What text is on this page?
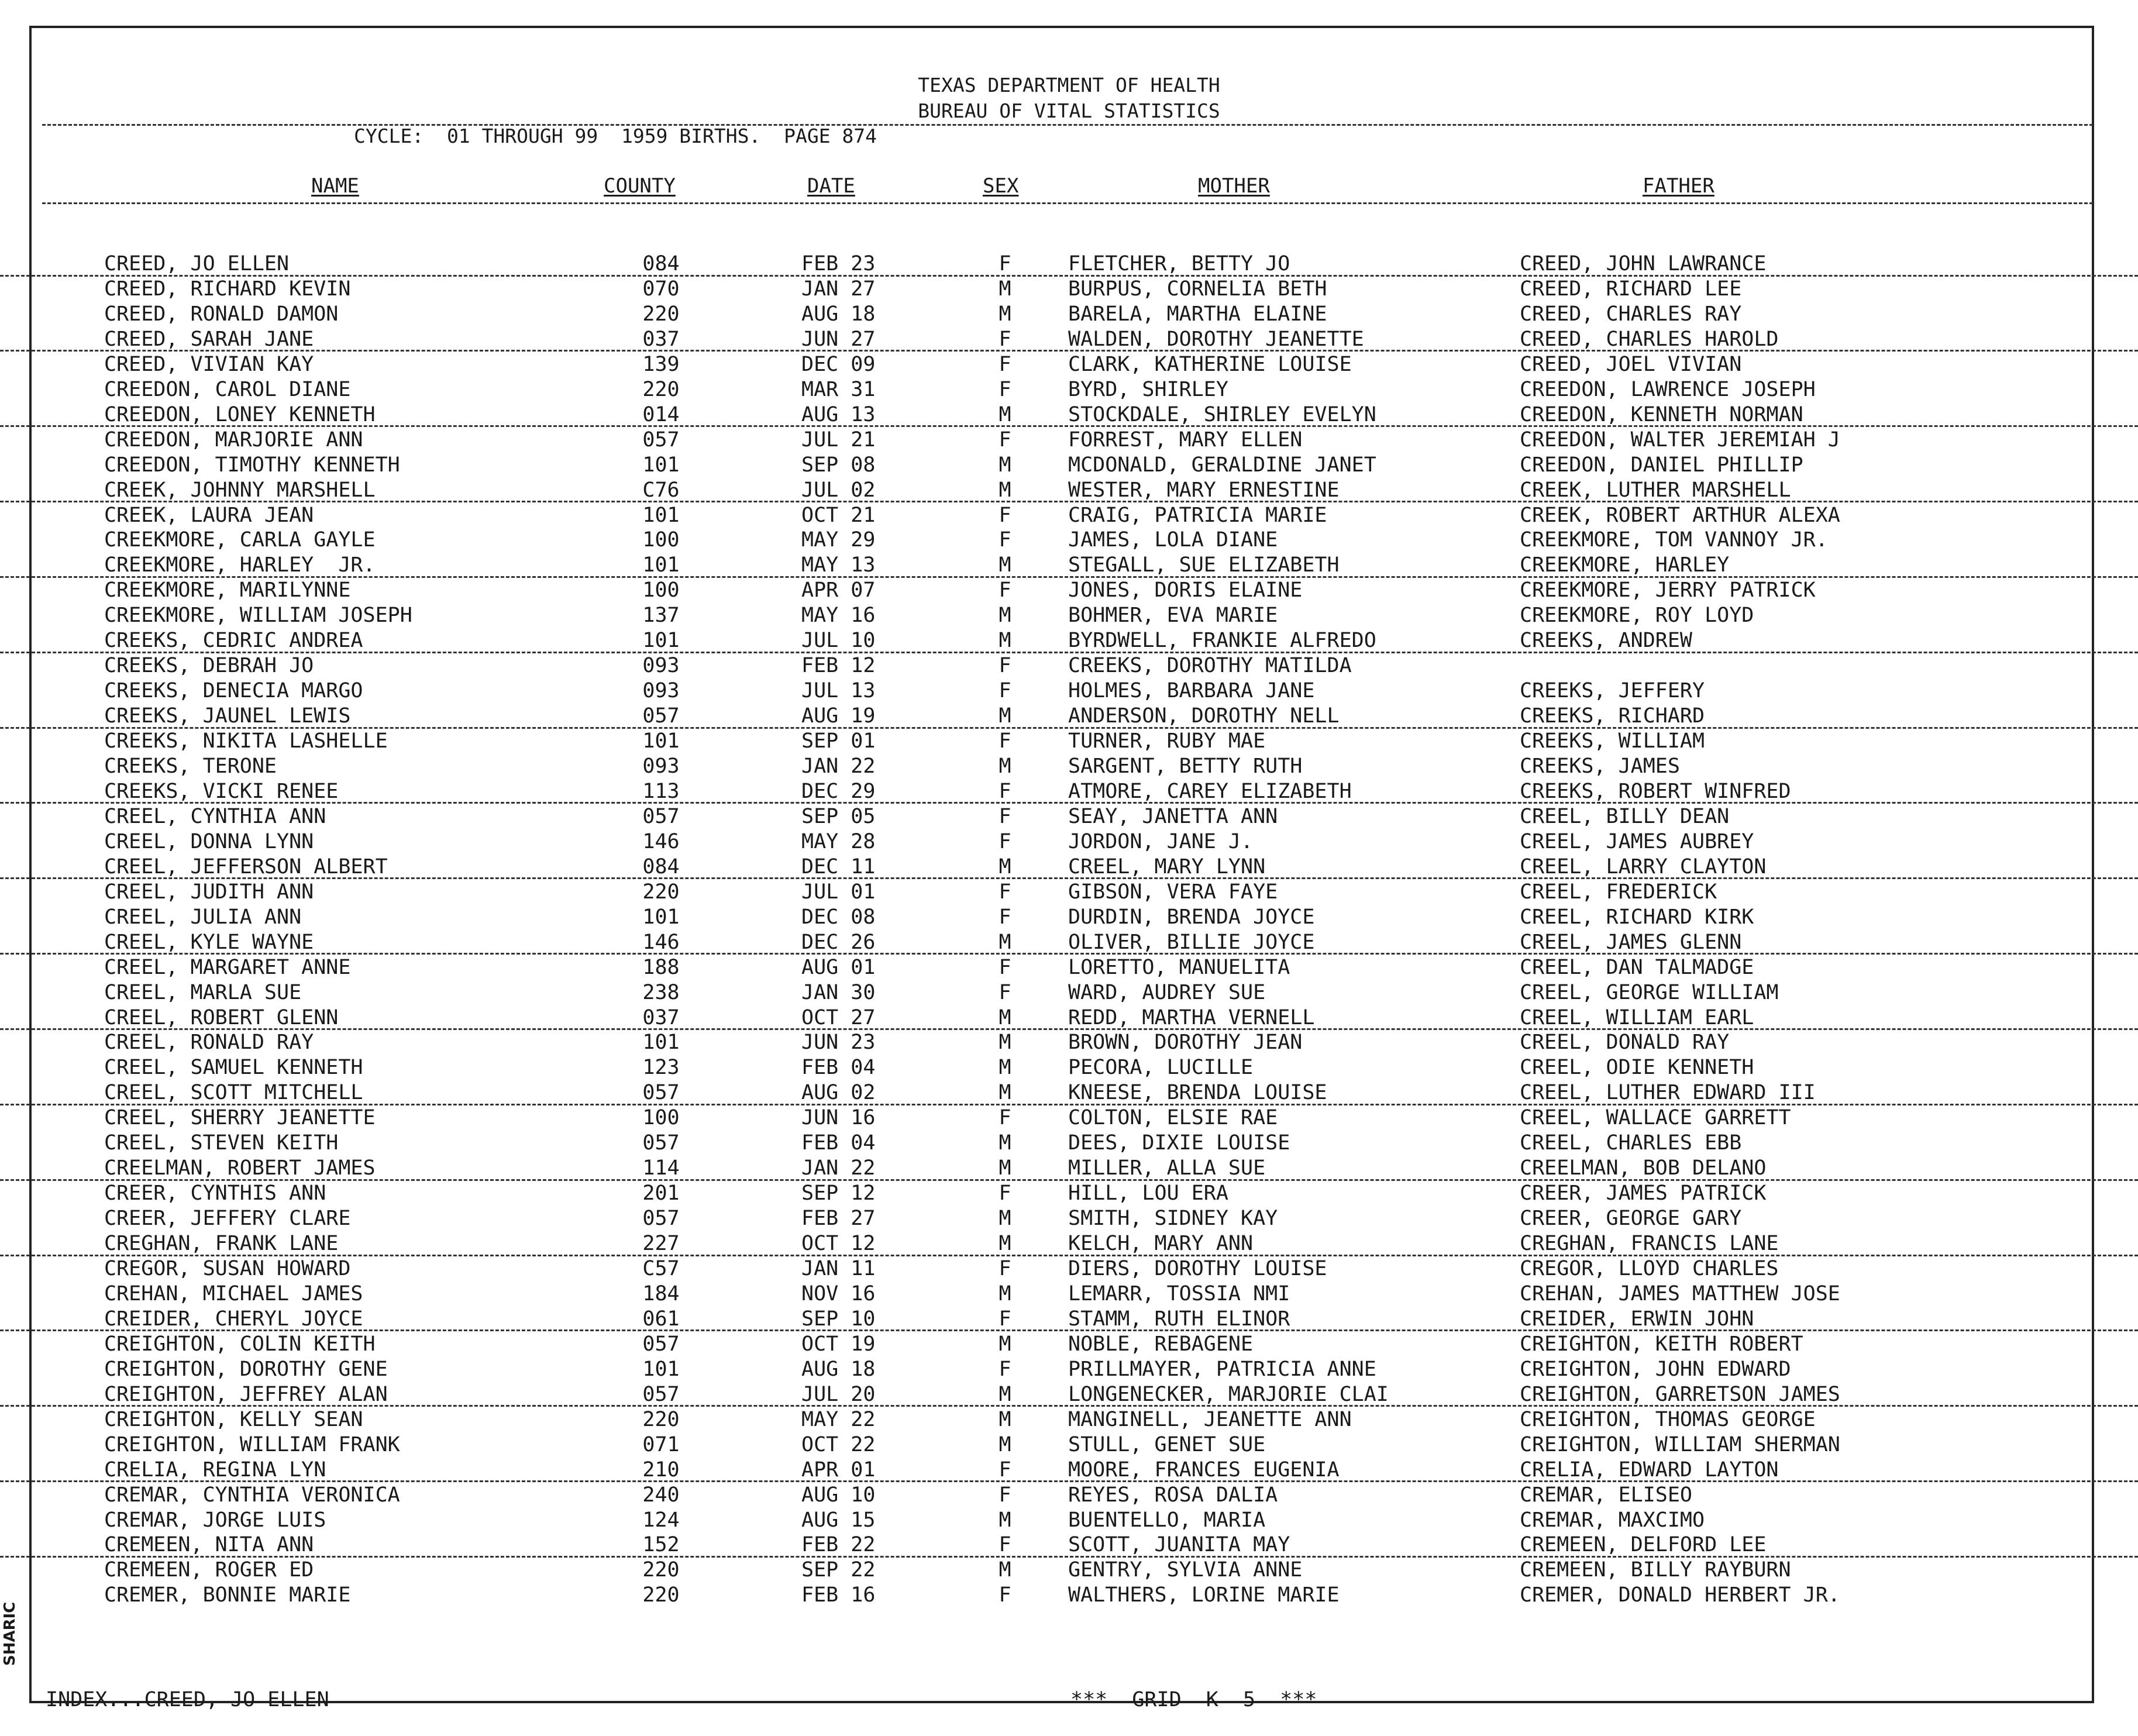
TEXAS DEPARTMENT OF HEALTH
BUREAU OF VITAL STATISTICS
CYCLE:  01 THROUGH 99  1959 BIRTHS.  PAGE 874
NAME	COUNTY	DATE	SEX	MOTHER	FATHER
CREED, JO ELLEN	084	FEB 23	F	FLETCHER, BETTY JO	CREED, JOHN LAWRANCE
CREED, RICHARD KEVIN	070	JAN 27	M	BURPUS, CORNELIA BETH	CREED, RICHARD LEE
CREED, RONALD DAMON	220	AUG 18	M	BARELA, MARTHA ELAINE	CREED, CHARLES RAY
CREED, SARAH JANE	037	JUN 27	F	WALDEN, DOROTHY JEANETTE	CREED, CHARLES HAROLD
CREED, VIVIAN KAY	139	DEC 09	F	CLARK, KATHERINE LOUISE	CREED, JOEL VIVIAN
CREEDON, CAROL DIANE	220	MAR 31	F	BYRD, SHIRLEY	CREEDON, LAWRENCE JOSEPH
CREEDON, LONEY KENNETH	014	AUG 13	M	STOCKDALE, SHIRLEY EVELYN	CREEDON, KENNETH NORMAN
CREEDON, MARJORIE ANN	057	JUL 21	F	FORREST, MARY ELLEN	CREEDON, WALTER JEREMIAH J
CREEDON, TIMOTHY KENNETH	101	SEP 08	M	MCDONALD, GERALDINE JANET	CREEDON, DANIEL PHILLIP
CREEK, JOHNNY MARSHELL	C76	JUL 02	M	WESTER, MARY ERNESTINE	CREEK, LUTHER MARSHELL
CREEK, LAURA JEAN	101	OCT 21	F	CRAIG, PATRICIA MARIE	CREEK, ROBERT ARTHUR ALEXA
CREEKMORE, CARLA GAYLE	100	MAY 29	F	JAMES, LOLA DIANE	CREEKMORE, TOM VANNOY JR.
CREEKMORE, HARLEY  JR.	101	MAY 13	M	STEGALL, SUE ELIZABETH	CREEKMORE, HARLEY
CREEKMORE, MARILYNNE	100	APR 07	F	JONES, DORIS ELAINE	CREEKMORE, JERRY PATRICK
CREEKMORE, WILLIAM JOSEPH	137	MAY 16	M	BOHMER, EVA MARIE	CREEKMORE, ROY LOYD
CREEKS, CEDRIC ANDREA	101	JUL 10	M	BYRDWELL, FRANKIE ALFREDO	CREEKS, ANDREW
CREEKS, DEBRAH JO	093	FEB 12	F	CREEKS, DOROTHY MATILDA
CREEKS, DENECIA MARGO	093	JUL 13	F	HOLMES, BARBARA JANE	CREEKS, JEFFERY
CREEKS, JAUNEL LEWIS	057	AUG 19	M	ANDERSON, DOROTHY NELL	CREEKS, RICHARD
CREEKS, NIKITA LASHELLE	101	SEP 01	F	TURNER, RUBY MAE	CREEKS, WILLIAM
CREEKS, TERONE	093	JAN 22	M	SARGENT, BETTY RUTH	CREEKS, JAMES
CREEKS, VICKI RENEE	113	DEC 29	F	ATMORE, CAREY ELIZABETH	CREEKS, ROBERT WINFRED
CREEL, CYNTHIA ANN	057	SEP 05	F	SEAY, JANETTA ANN	CREEL, BILLY DEAN
CREEL, DONNA LYNN	146	MAY 28	F	JORDON, JANE J.	CREEL, JAMES AUBREY
CREEL, JEFFERSON ALBERT	084	DEC 11	M	CREEL, MARY LYNN	CREEL, LARRY CLAYTON
CREEL, JUDITH ANN	220	JUL 01	F	GIBSON, VERA FAYE	CREEL, FREDERICK
CREEL, JULIA ANN	101	DEC 08	F	DURDIN, BRENDA JOYCE	CREEL, RICHARD KIRK
CREEL, KYLE WAYNE	146	DEC 26	M	OLIVER, BILLIE JOYCE	CREEL, JAMES GLENN
CREEL, MARGARET ANNE	188	AUG 01	F	LORETTO, MANUELITA	CREEL, DAN TALMADGE
CREEL, MARLA SUE	238	JAN 30	F	WARD, AUDREY SUE	CREEL, GEORGE WILLIAM
CREEL, ROBERT GLENN	037	OCT 27	M	REDD, MARTHA VERNELL	CREEL, WILLIAM EARL
CREEL, RONALD RAY	101	JUN 23	M	BROWN, DOROTHY JEAN	CREEL, DONALD RAY
CREEL, SAMUEL KENNETH	123	FEB 04	M	PECORA, LUCILLE	CREEL, ODIE KENNETH
CREEL, SCOTT MITCHELL	057	AUG 02	M	KNEESE, BRENDA LOUISE	CREEL, LUTHER EDWARD III
CREEL, SHERRY JEANETTE	100	JUN 16	F	COLTON, ELSIE RAE	CREEL, WALLACE GARRETT
CREEL, STEVEN KEITH	057	FEB 04	M	DEES, DIXIE LOUISE	CREEL, CHARLES EBB
CREELMAN, ROBERT JAMES	114	JAN 22	M	MILLER, ALLA SUE	CREELMAN, BOB DELANO
CREER, CYNTHIS ANN	201	SEP 12	F	HILL, LOU ERA	CREER, JAMES PATRICK
CREER, JEFFERY CLARE	057	FEB 27	M	SMITH, SIDNEY KAY	CREER, GEORGE GARY
CREGHAN, FRANK LANE	227	OCT 12	M	KELCH, MARY ANN	CREGHAN, FRANCIS LANE
CREGOR, SUSAN HOWARD	C57	JAN 11	F	DIERS, DOROTHY LOUISE	CREGOR, LLOYD CHARLES
CREHAN, MICHAEL JAMES	184	NOV 16	M	LEMARR, TOSSIA NMI	CREHAN, JAMES MATTHEW JOSE
CREIDER, CHERYL JOYCE	061	SEP 10	F	STAMM, RUTH ELINOR	CREIDER, ERWIN JOHN
CREIGHTON, COLIN KEITH	057	OCT 19	M	NOBLE, REBAGENE	CREIGHTON, KEITH ROBERT
CREIGHTON, DOROTHY GENE	101	AUG 18	F	PRILLMAYER, PATRICIA ANNE	CREIGHTON, JOHN EDWARD
CREIGHTON, JEFFREY ALAN	057	JUL 20	M	LONGENECKER, MARJORIE CLAI	CREIGHTON, GARRETSON JAMES
CREIGHTON, KELLY SEAN	220	MAY 22	M	MANGINELL, JEANETTE ANN	CREIGHTON, THOMAS GEORGE
CREIGHTON, WILLIAM FRANK	071	OCT 22	M	STULL, GENET SUE	CREIGHTON, WILLIAM SHERMAN
CRELIA, REGINA LYN	210	APR 01	F	MOORE, FRANCES EUGENIA	CRELIA, EDWARD LAYTON
CREMAR, CYNTHIA VERONICA	240	AUG 10	F	REYES, ROSA DALIA	CREMAR, ELISEO
CREMAR, JORGE LUIS	124	AUG 15	M	BUENTELLO, MARIA	CREMAR, MAXCIMO
CREMEEN, NITA ANN	152	FEB 22	F	SCOTT, JUANITA MAY	CREMEEN, DELFORD LEE
CREMEEN, ROGER ED	220	SEP 22	M	GENTRY, SYLVIA ANNE	CREMEEN, BILLY RAYBURN
CREMER, BONNIE MARIE	220	FEB 16	F	WALTHERS, LORINE MARIE	CREMER, DONALD HERBERT JR.
INDEX...CREED, JO ELLEN	***  GRID  K  5  ***
SHARIC
